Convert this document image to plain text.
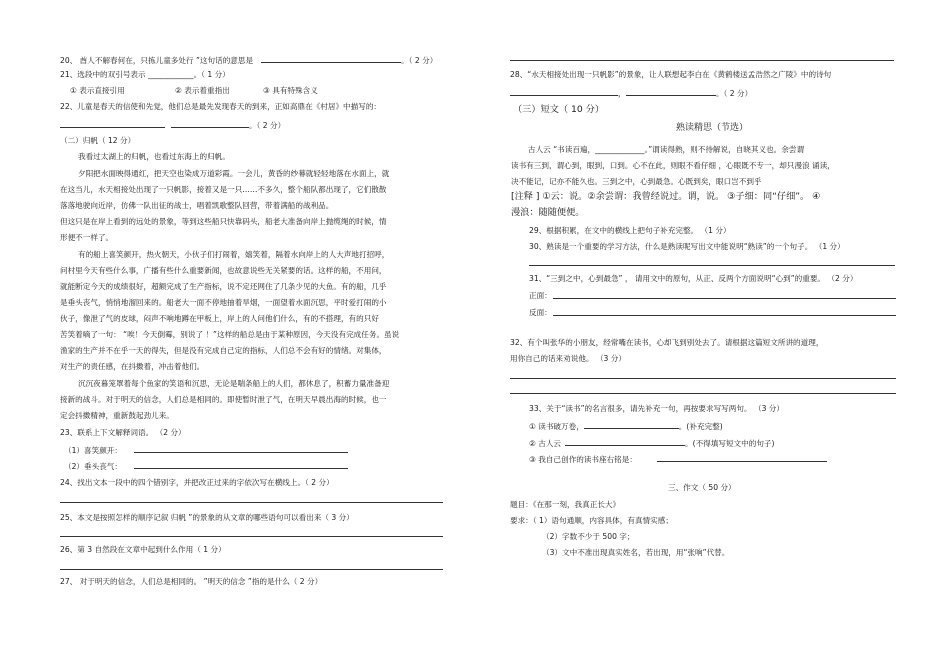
20、 酋人不解春何在，只拣儿童多处行 ”这句话的意思是	。（ 2 分）
21、选段中的双引号表示 ____________。（ 1 分）
① 表示直接引用	② 表示着重指出	③ 具有特殊含义
22、儿童是春天的信使和先觉，他们总是最先发现春天的到来，正如高鼎在《村居》中描写的：
。（ 2 分）
（二）归帆（ 12 分）
我看过太湖上的归帆，也看过东海上的归帆。
夕阳把水面映得通红，把天空也染成万道彩霞。一会儿，黄昏的纱幕就轻轻地落在水面上，就
在这当儿，水天相接处出现了一只帆影，接着又是一只……不多久，整个船队都出现了，它们散散
落落地驶向近岸，仿佛一队出征的战士，唱着凯歌整队回营，带着满船的战利品。
但这只是在岸上看到的远处的景象，等到这些船只快靠码头，船老大准备向岸上抛缆绳的时候，情
形便不一样了。
有的船上喜笑颜开，热火朝天，小伙子们打闹着，嬉笑着，隔着水向岸上的人大声地打招呼，
问村里今天有些什么事，广播有些什么重要新闻，也故意说些无关紧要的话。这样的船，不用问，
就能断定今天的成绩很好，超额完成了生产指标，说不定还网住了几条少见的大鱼。有的船，几乎
是垂头丧气，悄悄地溜回来的。船老大一面不停地抽着旱烟，一面望着水面沉思，平时爱打闹的小
伙子，像泄了气的皮球，闷声不响地蹲在甲板上，岸上的人问他们什么，有的不搭理，有的只好
苦笑着嘀了一句： “唉！今天倒霉，别说了 ！”这样的船总是由于某种原因，今天没有完成任务。虽说
渔家的生产并不在乎一天的得失，但是没有完成自己定的指标，人们总不会有好的情绪。对集体，
对生产的责任感，在抖擞着，冲击着他们。
沉沉夜暮笼罩着每个鱼家的笑语和沉思，无论是喘条船上的人们，都休息了，积蓄力量准备迎
接新的战斗。对于明天的信念，人们总是相同的。即使暂时泄了气，在明天早晨出海的时候，也一
定会抖擞精神，重新鼓起劲儿来。
23、联系上下文解释词语。 （2 分）
（1）喜笑颜开：
（2）垂头丧气：
24、找出文本一段中的四个错别字，并把改正过来的字依次写在横线上。（ 2 分）
25、本文是按照怎样的顺序记叙 归帆 ”的景象的从文章的哪些语句可以看出来（ 3 分）
26、第 3 自然段在文章中起到什么作用（ 1 分）
27、 对于明天的信念，人们总是相同的。 ”明天的信念 ”指的是什么（ 2 分）
28、“水天相接处出现一只帆影”的景象，让人联想起李白在《黄鹤楼送孟浩然之广陵》中的诗句
，	。（ 2 分）
（三）短文（ 10 分）
熟读精思（节选）
古人云 “书读百遍，_____________。”谓读得熟，则不待解说，自晓其义也。余尝谓
读书有三到，谓心到，眼到，口到。心不在此，则眼不看仔细 ，心眼既不专一，却只漫浪 诵读，
决不能记，记亦不能久也。三到之中，心到最急。心既到矣，眼口岂不到乎
[注释 ] ①云：说。②余尝谓：我曾经说过。谓，说。 ③子细：同“仔细”。 ④
漫浪：随随便便。
29、根据积累，在文中的横线上把句子补充完整。 （1 分）
30、熟读是一个重要的学习方法，什么是熟读呢写出文中能说明“熟读”的一个句子。 （1 分）
31、“三到之中，心到最急” ， 请用文中的原句，从正、反两个方面说明“心到”的重要。 （2 分）
正面：
反面：
32、有个叫张华的小朋友，经常嘴在读书，心却飞到别处去了。请根据这篇短文所讲的道理，
用你自己的话来劝说他。 （3 分）
33、关于“读书”的名言很多，请先补充一句，再按要求写写两句。 （3 分）
① 读书破万卷，	。(补充完整)
② 古人云	。(不得填写短文中的句子)
③ 我自己创作的读书座右铭是：
三、作文（ 50 分）
题目：《在那一刻，我真正长大》
要求：（ 1）语句通顺，内容具体，有真情实感；
（2）字数不少于 500 字；
（3）文中不准出现真实姓名，若出现，用“张响”代替。
